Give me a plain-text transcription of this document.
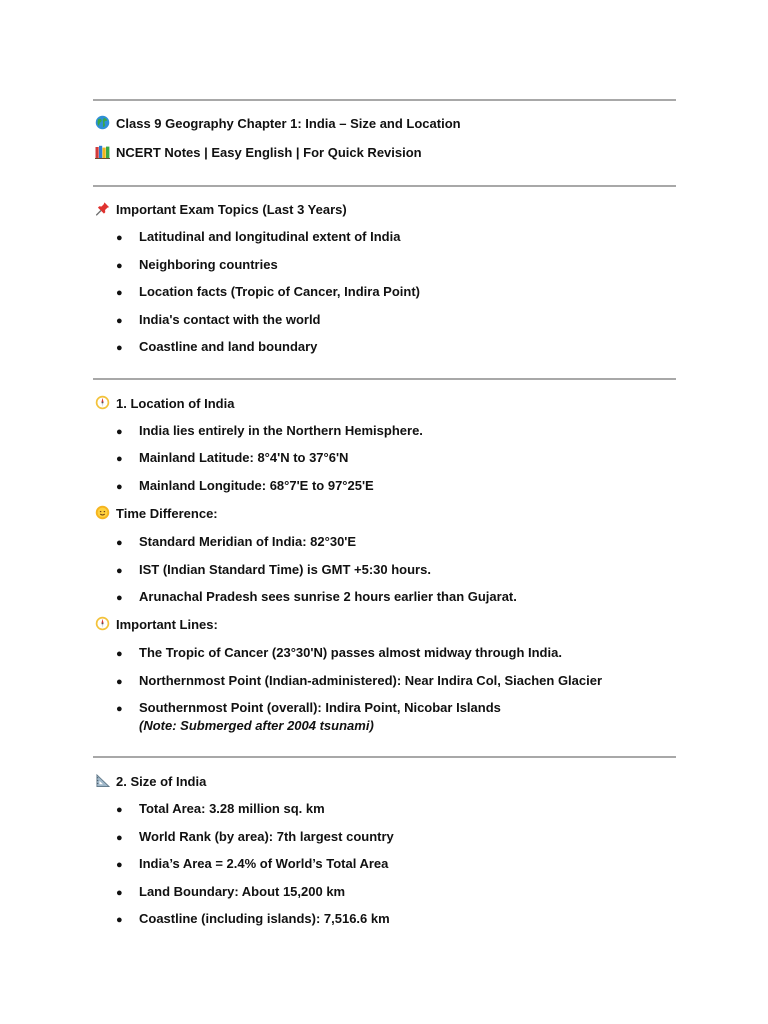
Class 9 Geography Chapter 1: India – Size and Location
NCERT Notes | Easy English | For Quick Revision
Important Exam Topics (Last 3 Years)
● Latitudinal and longitudinal extent of India
● Neighboring countries
● Location facts (Tropic of Cancer, Indira Point)
● India's contact with the world
● Coastline and land boundary
1. Location of India
● India lies entirely in the Northern Hemisphere.
● Mainland Latitude: 8°4'N to 37°6'N
● Mainland Longitude: 68°7'E to 97°25'E
Time Difference:
● Standard Meridian of India: 82°30'E
● IST (Indian Standard Time) is GMT +5:30 hours.
● Arunachal Pradesh sees sunrise 2 hours earlier than Gujarat.
Important Lines:
● The Tropic of Cancer (23°30'N) passes almost midway through India.
● Northernmost Point (Indian-administered): Near Indira Col, Siachen Glacier
● Southernmost Point (overall): Indira Point, Nicobar Islands
(Note: Submerged after 2004 tsunami)
2. Size of India
● Total Area: 3.28 million sq. km
● World Rank (by area): 7th largest country
● India’s Area = 2.4% of World’s Total Area
● Land Boundary: About 15,200 km
● Coastline (including islands): 7,516.6 km
